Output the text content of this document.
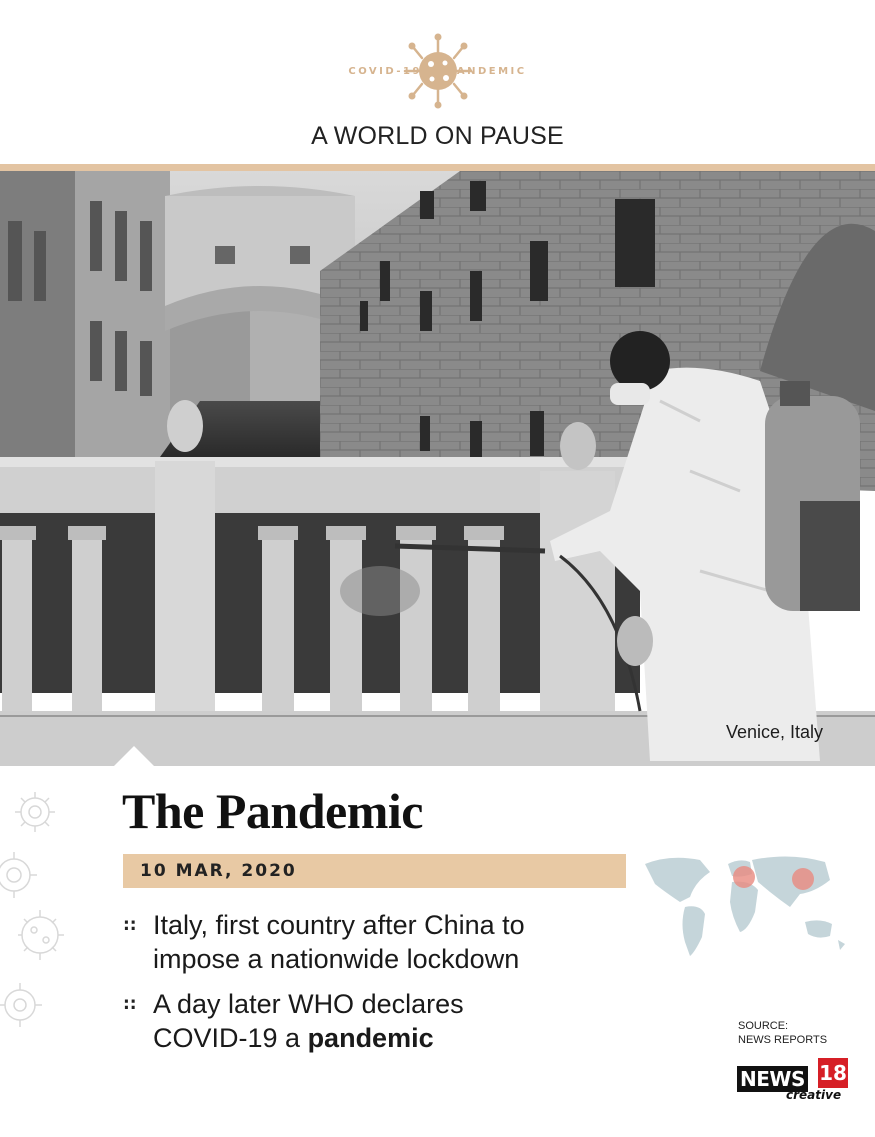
COVID-19	PANDEMIC
A WORLD ON PAUSE
Venice, Italy
The Pandemic
10 MAR, 2020
:: Italy, first country after China to
impose a nationwide lockdown
:: A day later WHO declares
COVID-19 a pandemic	SOURCE:
NEWS REPORTS
NEWS 18
creative
